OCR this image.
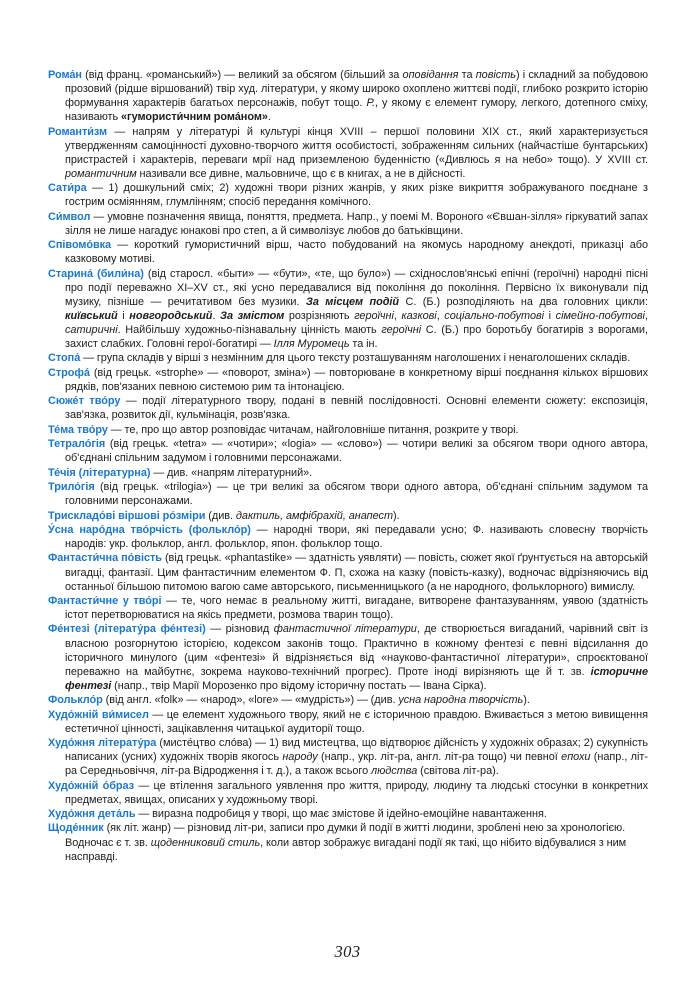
Рома́н (від франц. «романський») — великий за обсягом (більший за оповідання та повість) і складний за побудовою прозовий (рідше віршований) твір худ. літератури, у якому широко охоплено життєві події, глибоко розкрито історію формування характерів багатьох персонажів, побут тощо. Р., у якому є елемент гумору, легкого, дотепного сміху, називають «гумористи́чним рома́ном».

Романти́зм — напрям у літературі й культурі кінця XVIII – першої половини XIX ст., який характеризується утвердженням самоцінності духовно-творчого життя особистості, зображенням сильних (найчастіше бунтарських) пристрастей і характерів, переваги мрії над приземленою буденністю («Дивлюсь я на небо» тощо). У XVIII ст. романтичним називали все дивне, мальовниче, що є в книгах, а не в дійсності.

Сати́ра — 1) дошкульний сміх; 2) художні твори різних жанрів, у яких різке викриття зображуваного поєднане з гострим осміянням, глумлінням; спосіб передання комічного.

Си́мвол — умовне позначення явища, поняття, предмета. Напр., у поемі М. Вороного «Євшан-зілля» гіркуватий запах зілля не лише нагадує юнакові про степ, а й символізує любов до батьківщини.

Співомо́вка — короткий гумористичний вірш, часто побудований на якомусь народному анекдоті, приказці або казковому мотиві.

Старина́ (били́на) (від старосл. «быти» — «бути», «те, що було») — східнослов'янські епічні (героїчні) народні пісні про події переважно XI–XV ст., які усно передавалися від покоління до покоління. Первісно їх виконували під музику, пізніше — речитативом без музики. За місцем подій С. (Б.) розподіляють на два головних цикли: київський і новгородський. За змістом розрізняють героїчні, казкові, соціально-побутові і сімейно-побутові, сатиричні. Найбільшу художньо-пізнавальну цінність мають героїчні С. (Б.) про боротьбу богатирів з ворогами, захист слабких. Головні герої-богатирі — Ілля Муромець та ін.

Стопа́ — група складів у вірші з незмінним для цього тексту розташуванням наголошених і ненаголошених складів.

Строфа́ (від грецьк. «strophe» — «поворот, зміна») — повторюване в конкретному вірші поєднання кількох віршових рядків, пов'язаних певною системою рим та інтонацією.

Сюже́т тво́ру — події літературного твору, подані в певній послідовності. Основні елементи сюжету: експозиція, зав'язка, розвиток дії, кульмінація, розв'язка.

Те́ма тво́ру — те, про що автор розповідає читачам, найголовніше питання, розкрите у творі.

Тетрало́гія (від грецьк. «tetra» — «чотири»; «logia» — «слово») — чотири великі за обсягом твори одного автора, об'єднані спільним задумом і головними персонажами.

Те́чія (літературна) — див. «напрям літературний».

Трило́гія (від грецьк. «trilogia») — це три великі за обсягом твори одного автора, об'єднані спільним задумом та головними персонажами.

Трискладо́ві віршові ро́зміри (див. дактиль, амфібрахій, анапест).

У́сна наро́дна тво́рчість (фолькло́р) — народні твори, які передавали усно; Ф. називають словесну творчість народів: укр. фольклор, англ. фольклор, япон. фольклор тощо.

Фантасти́чна по́вість (від грецьк. «phantastike» — здатність уявляти) — повість, сюжет якої ґрунтується на авторській вигадці, фантазії. Цим фантастичним елементом Ф. П, схожа на казку (повість-казку), водночас відрізняючись від останньої більшою питомою вагою саме авторського, письменницького (а не народного, фольклорного) вимислу.

Фантасти́чне у тво́рі — те, чого немає в реальному житті, вигадане, витворене фантазуванням, уявою (здатність істот перетворюватися на якісь предмети, розмова тварин тощо).

Фе́нтезі (літерату́ра фе́нтезі) — різновид фантастичної літератури, де створюється вигаданий, чарівний світ із власною розгорнутою історією, кодексом законів тощо. Практично в кожному фентезі є певні відсилання до історичного минулого (цим «фентезі» й відрізняється від «науково-фантастичної літератури», спроєктованої переважно на майбутнє, зокрема науково-технічний прогрес). Проте іноді вирізняють ще й т. зв. історичне фентезі (напр., твір Марії Морозенко про відому історичну постать — Івана Сірка).

Фолькло́р (від англ. «folk» — «народ», «lore» — «мудрість») — (див. усна народна творчість).

Худо́жній ви́мисел — це елемент художнього твору, який не є історичною правдою. Вживається з метою вивищення естетичної цінності, зацікавлення читацької аудиторії тощо.

Худо́жня літерату́ра (мисте́цтво сло́ва) — 1) вид мистецтва, що відтворює дійсність у художніх образах; 2) сукупність написаних (усних) художніх творів якогось народу (напр., укр. літ-ра, англ. літ-ра тощо) чи певної епохи (напр., літ-ра Середньовіччя, літ-ра Відродження і т. д.), а також всього людства (світова літ-ра).

Худо́жній о́браз — це втілення загального уявлення про життя, природу, людину та людські стосунки в конкретних предметах, явищах, описаних у художньому творі.

Худо́жня дета́ль — виразна подробиця у творі, що має змістове й ідейно-емоційне навантаження.

Щоде́нник (як літ. жанр) — різновид літ-ри, записи про думки й події в житті людини, зроблені нею за хронологією. Водночас є т. зв. щоденниковий стиль, коли автор зображує вигадані події як такі, що нібито відбувалися з ним насправді.

303
